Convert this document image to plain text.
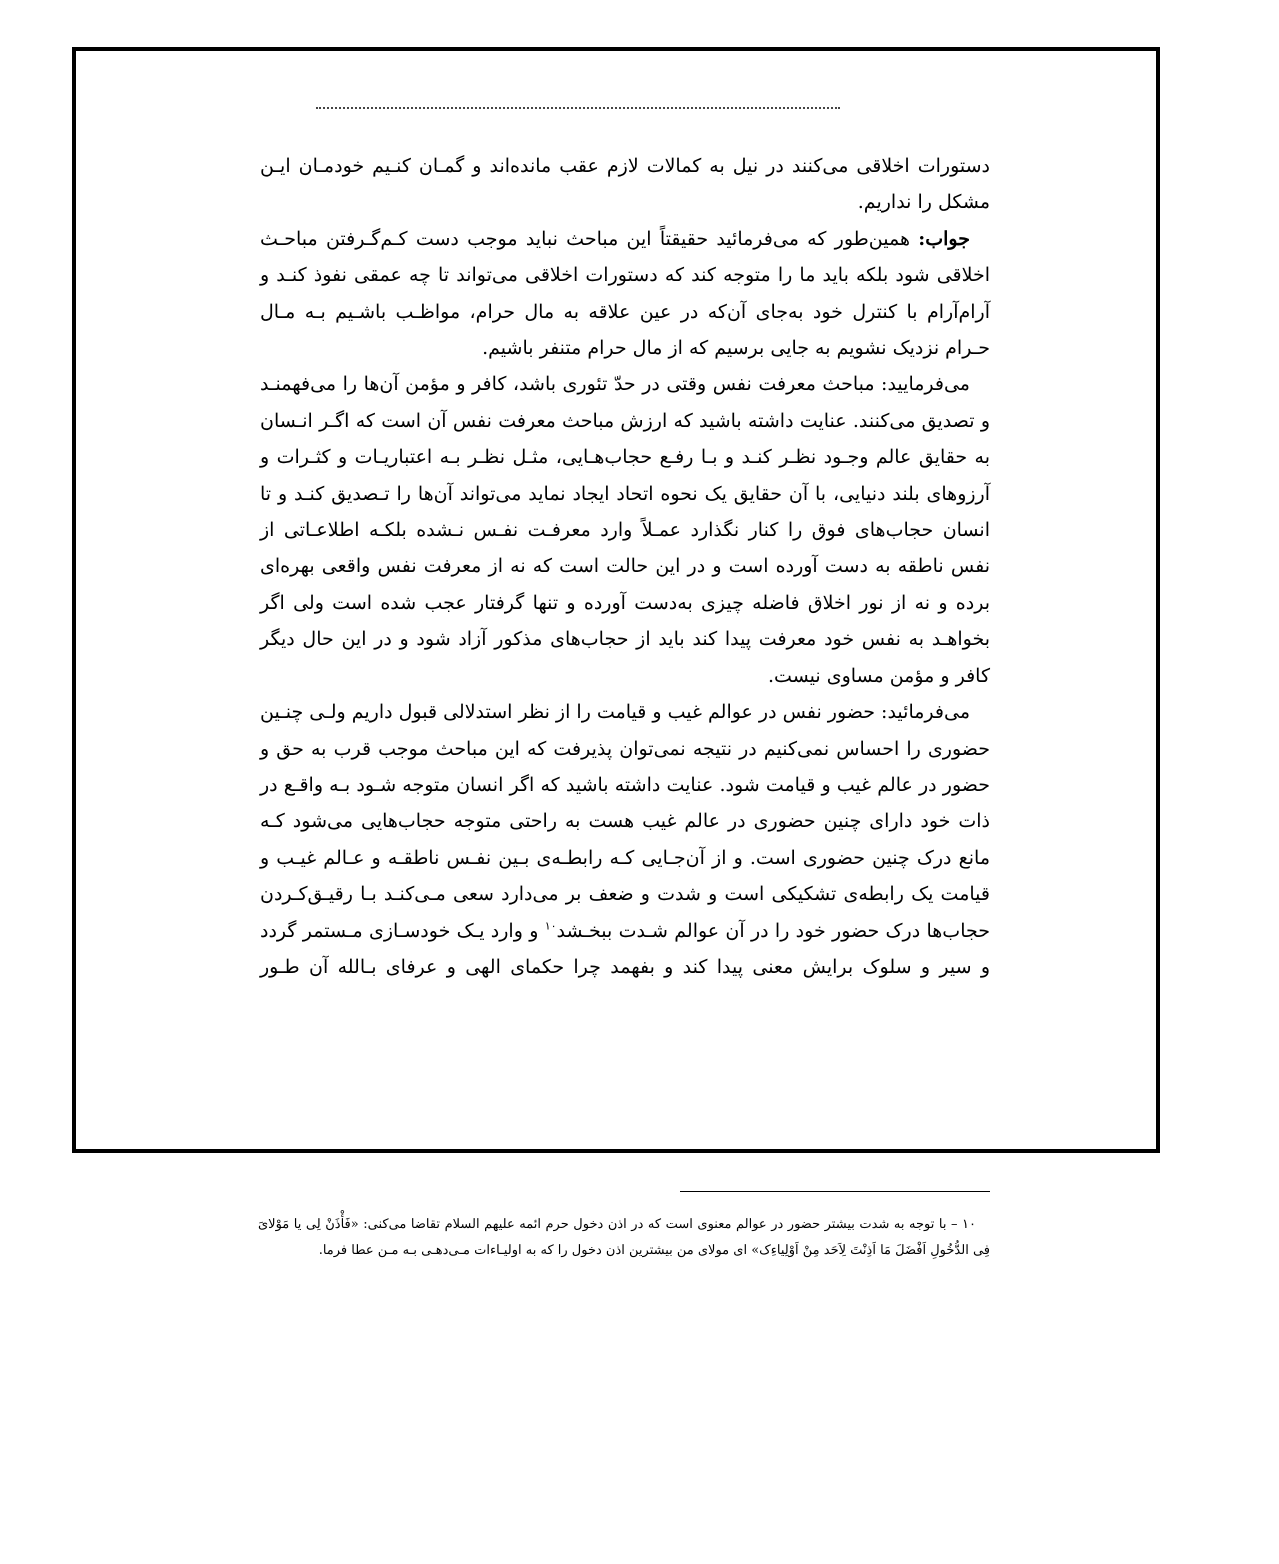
دستورات اخلاقی می‌کنند در نیل به کمالات لازم عقب مانده‌اند و گمـان کنـیم خودمـان ایـن مشکل را نداریم.

جواب: همین‌طور که می‌فرمائید حقیقتاً این مباحث نباید موجب دست کـم‌گـرفتن مباحـث اخلاقی شود بلکه باید ما را متوجه کند که دستورات اخلاقی می‌تواند تا چه عمقی نفوذ کنـد و آرام‌آرام با کنترل خود به‌جای آن‌که در عین علاقه به مال حرام، مواظـب باشـیم بـه مـال حـرام نزدیک نشویم به جایی برسیم که از مال حرام متنفر باشیم.

می‌فرمایید: مباحث معرفت نفس وقتی در حدّ تئوری باشد، کافر و مؤمن آن‌ها را می‌فهمنـد و تصدیق می‌کنند. عنایت داشته باشید که ارزش مباحث معرفت نفس آن است که اگـر انـسان به حقایق عالم وجـود نظـر کنـد و بـا رفـع حجاب‌هـایی، مثـل نظـر بـه اعتباریـات و کثـرات و آرزوهای بلند دنیایی، با آن حقایق یک نحوه اتحاد ایجاد نماید می‌تواند آن‌ها را تـصدیق کنـد و تا انسان حجاب‌های فوق را کنار نگذارد عمـلاً وارد معرفـت نفـس نـشده بلکـه اطلاعـاتی از نفس ناطقه به دست آورده است و در این حالت است که نه از معرفت نفس واقعی بهره‌ای برده و نه از نور اخلاق فاضله چیزی به‌دست آورده و تنها گرفتار عجب شده است ولی اگر بخواهـد به نفس خود معرفت پیدا کند باید از حجاب‌های مذکور آزاد شود و در این حال دیگر کافر و مؤمن مساوی نیست.

می‌فرمائید: حضور نفس در عوالم غیب و قیامت را از نظر استدلالی قبول داریم ولـی چنـین حضوری را احساس نمی‌کنیم در نتیجه نمی‌توان پذیرفت که این مباحث موجب قرب به حق و حضور در عالم غیب و قیامت شود. عنایت داشته باشید که اگر انسان متوجه شـود بـه واقـع در ذات خود دارای چنین حضوری در عالم غیب هست به راحتی متوجه حجاب‌هایی می‌شود کـه مانع درک چنین حضوری است. و از آن‌جـایی کـه رابطـه‌ی بـین نفـس ناطقـه و عـالم غیـب و قیامت یک رابطه‌ی تشکیکی است و شدت و ضعف بر می‌دارد سعی مـی‌کنـد بـا رقیـق‌کـردن حجاب‌ها درک حضور خود را در آن عوالم شـدت ببخـشد$^{۱۰}$ و وارد یـک خودسـازی مـستمر گردد و سیر و سلوک برایش معنی پیدا کند و بفهمد چرا حکمای الهی و عرفای بـالله آن طـور

۱۰ – با توجه به شدت بیشتر حضور در عوالم معنوی است که در اذن دخول حرم ائمه‌ عليهم السلام تقاضا می‌کنی: «فَأْذَنْ لِی یا مَوْلایَ فِی الدُّخُولِ اَفْضَلَ مَا اَذِنْتَ لِاَحَد مِنْ اَوْلِیاءِک» ای مولای من بیشترین اذن دخول را که به اولیـاءات مـی‌دهـی بـه مـن عطا فرما.
